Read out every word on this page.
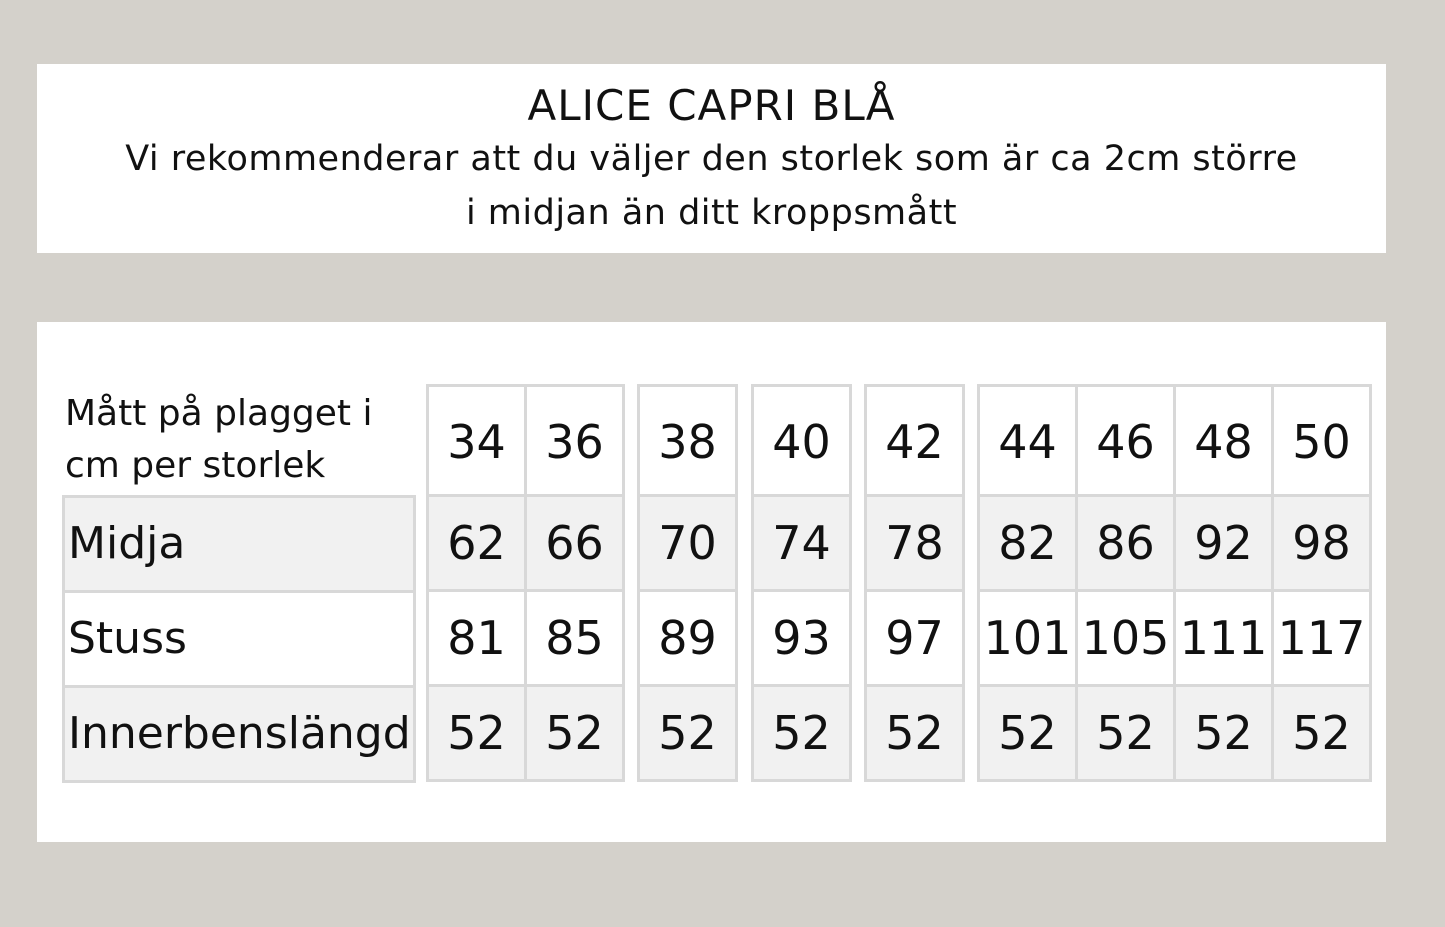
ALICE CAPRI BLÅ
Vi rekommenderar att du väljer den storlek som är ca 2cm större
i midjan än ditt kroppsmått
Mått på plagget i cm per storlek
Midja
Stuss
Innerbenslängd
34
62
81
52
36
66
85
52
38
70
89
52
40
74
93
52
42
78
97
52
44
82
101
52
46
86
105
52
48
92
111
52
50
98
117
52
